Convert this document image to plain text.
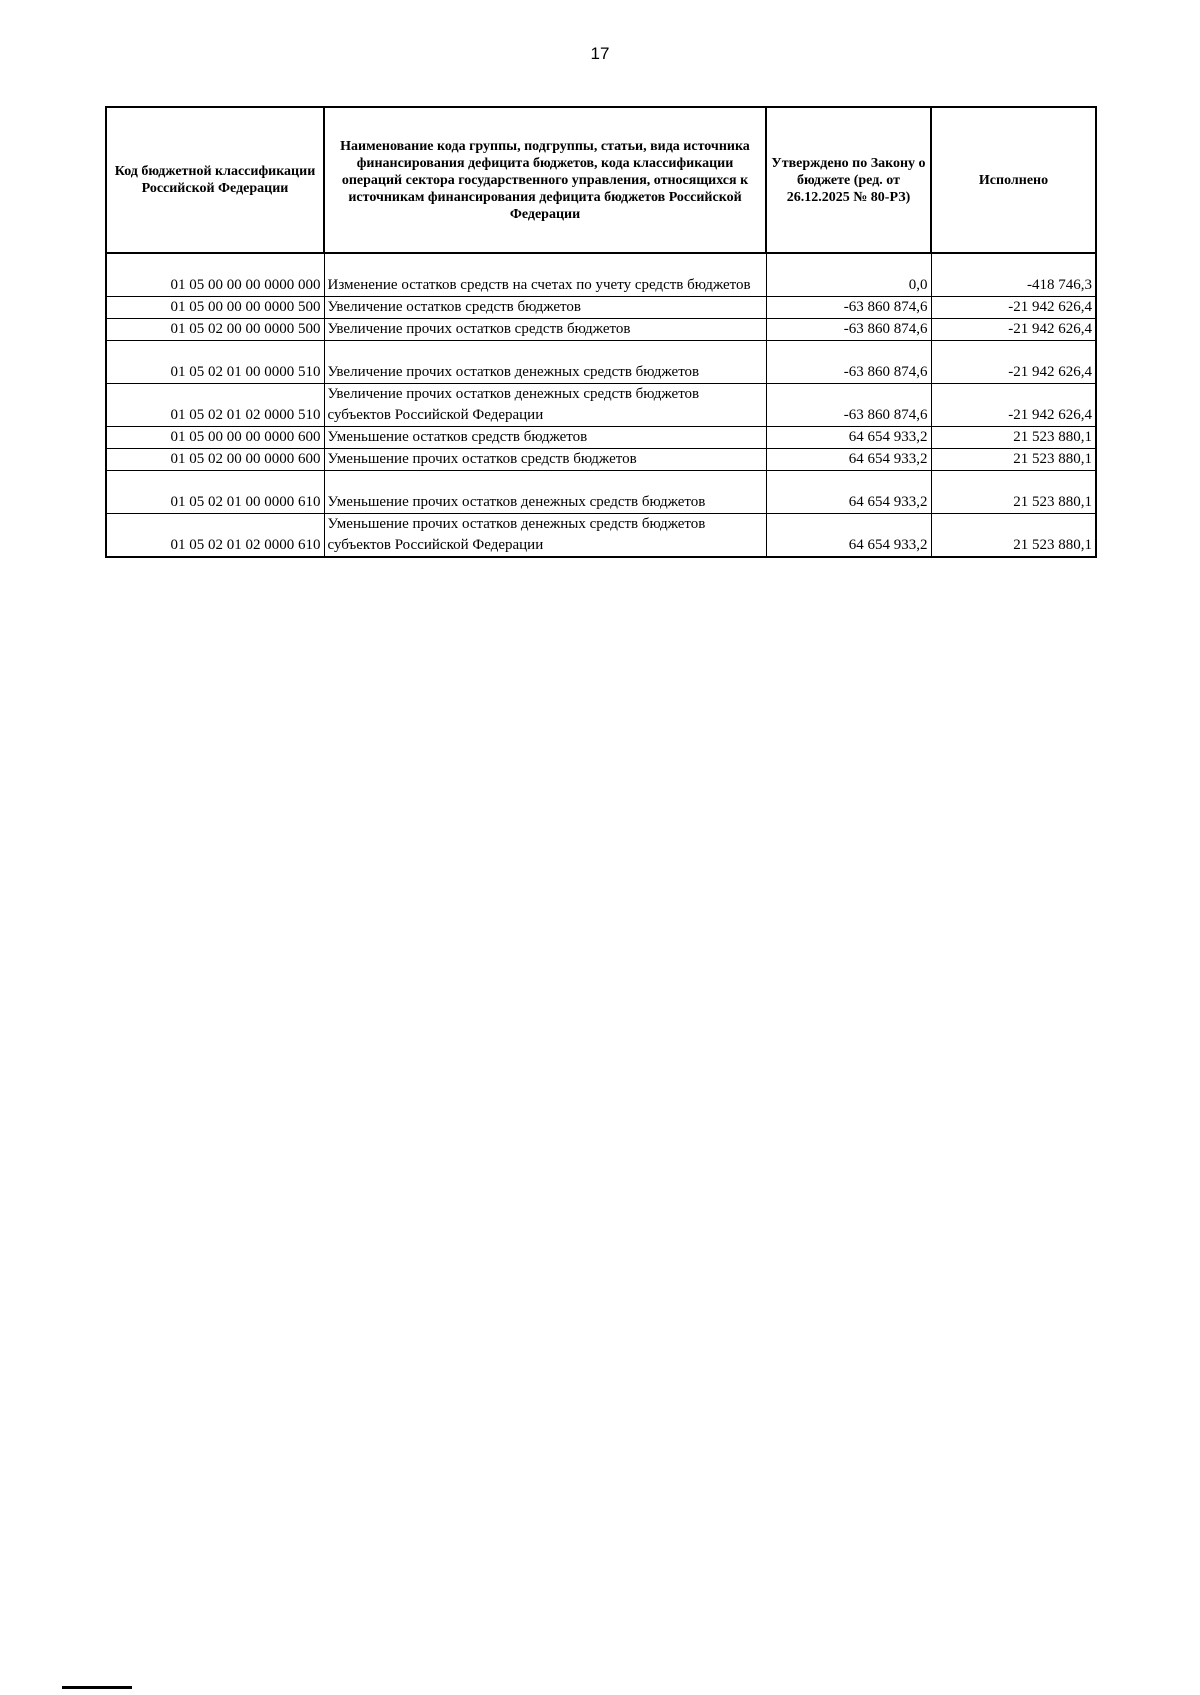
17
Код бюджетной классификации Российской Федерации	Наименование кода группы, подгруппы, статьи, вида источника финансирования дефицита бюджетов, кода классификации операций сектора государственного управления, относящихся к источникам финансирования дефицита бюджетов Российской Федерации	Утверждено по Закону о бюджете (ред. от 26.12.2025 № 80-РЗ)	Исполнено
01 05 00 00 00 0000 000	Изменение остатков средств на счетах по учету средств бюджетов	0,0	-418 746,3
01 05 00 00 00 0000 500	Увеличение остатков средств бюджетов	-63 860 874,6	-21 942 626,4
01 05 02 00 00 0000 500	Увеличение прочих остатков средств бюджетов	-63 860 874,6	-21 942 626,4
01 05 02 01 00 0000 510	Увеличение прочих остатков денежных средств бюджетов	-63 860 874,6	-21 942 626,4
01 05 02 01 02 0000 510	Увеличение прочих остатков денежных средств бюджетов субъектов Российской Федерации	-63 860 874,6	-21 942 626,4
01 05 00 00 00 0000 600	Уменьшение остатков средств бюджетов	64 654 933,2	21 523 880,1
01 05 02 00 00 0000 600	Уменьшение прочих остатков средств бюджетов	64 654 933,2	21 523 880,1
01 05 02 01 00 0000 610	Уменьшение прочих остатков денежных средств бюджетов	64 654 933,2	21 523 880,1
01 05 02 01 02 0000 610	Уменьшение прочих остатков денежных средств бюджетов субъектов Российской Федерации	64 654 933,2	21 523 880,1
